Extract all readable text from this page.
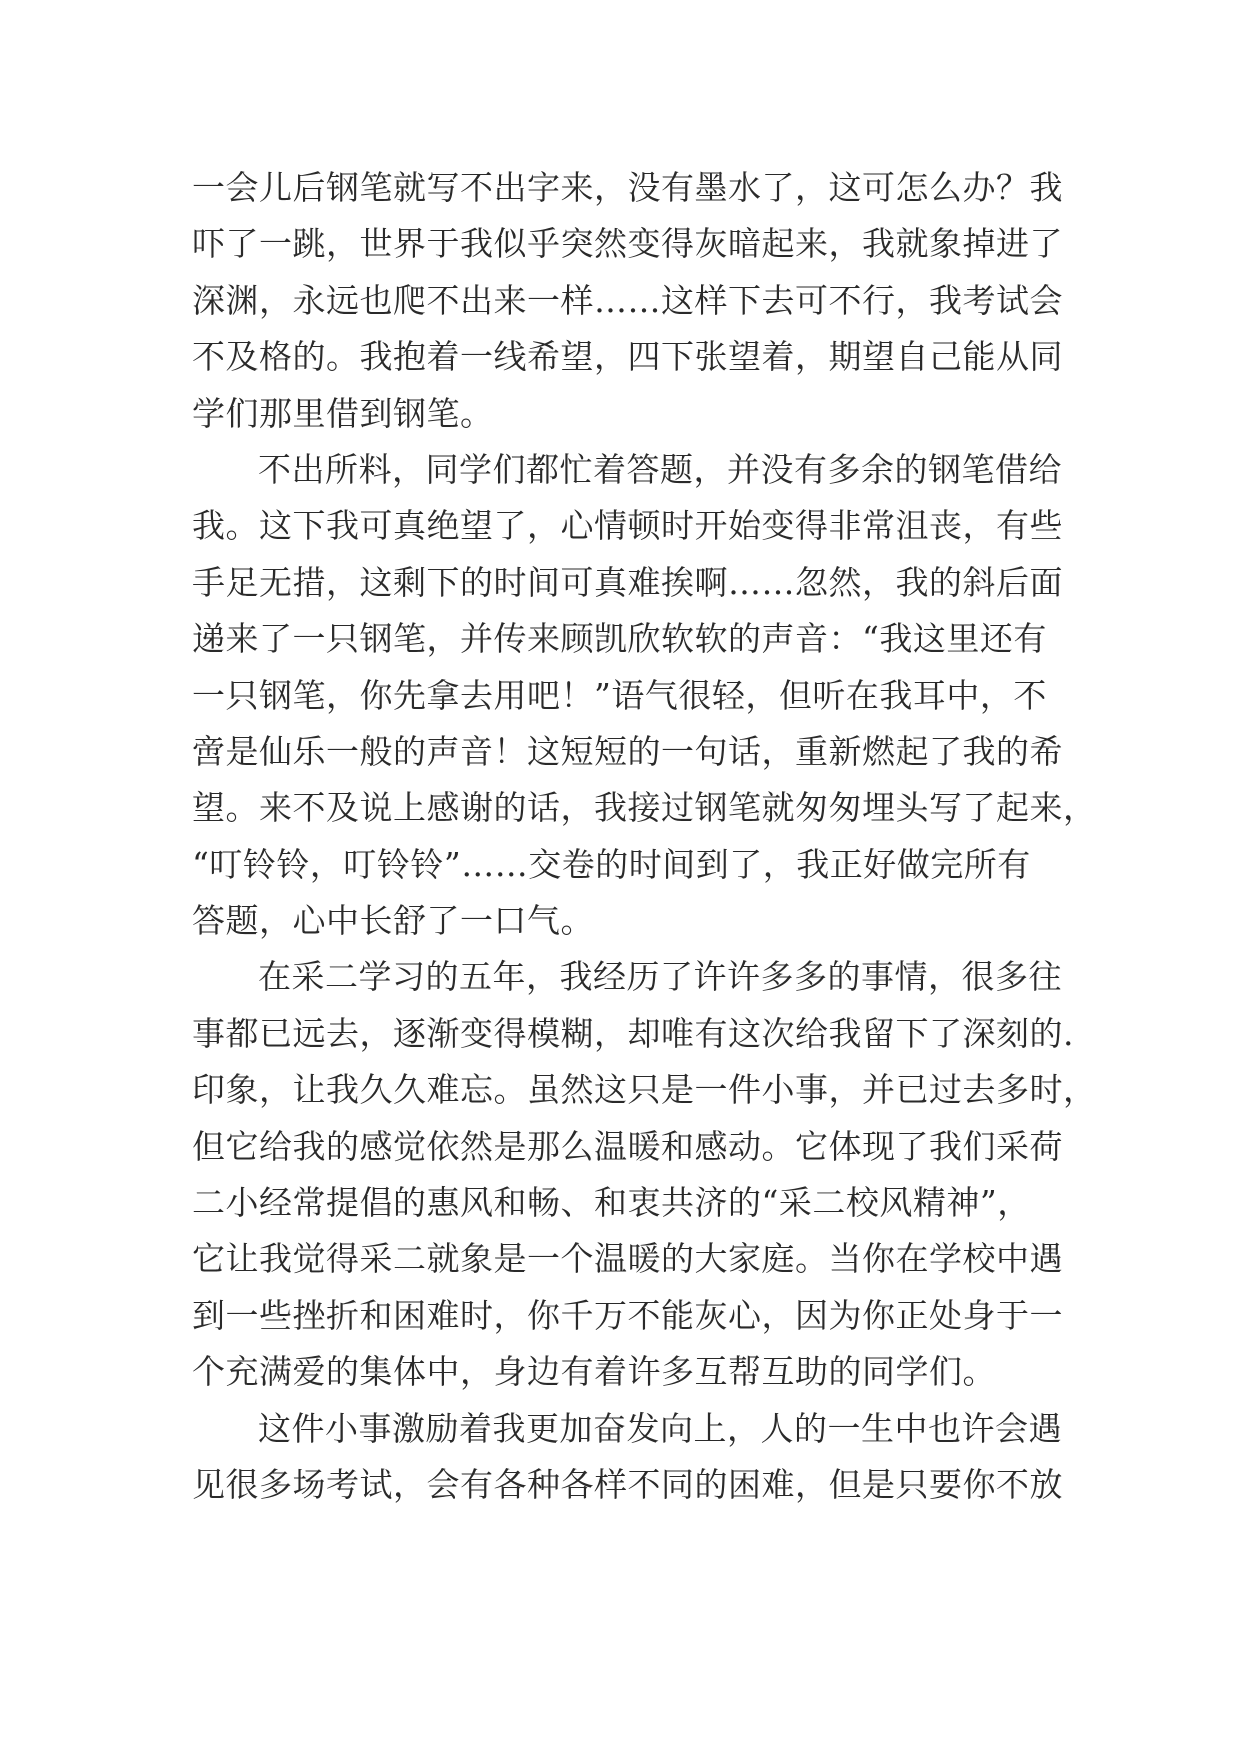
一会儿后钢笔就写不出字来，没有墨水了，这可怎么办？我
吓了一跳，世界于我似乎突然变得灰暗起来，我就象掉进了
深渊，永远也爬不出来一样……这样下去可不行，我考试会
不及格的。我抱着一线希望，四下张望着，期望自己能从同
学们那里借到钢笔。
不出所料，同学们都忙着答题，并没有多余的钢笔借给
我。这下我可真绝望了，心情顿时开始变得非常沮丧，有些
手足无措，这剩下的时间可真难挨啊……忽然，我的斜后面
递来了一只钢笔，并传来顾凯欣软软的声音：“我这里还有
一只钢笔，你先拿去用吧！”语气很轻，但听在我耳中，不
啻是仙乐一般的声音！这短短的一句话，重新燃起了我的希
望。来不及说上感谢的话，我接过钢笔就匆匆埋头写了起来，
“叮铃铃，叮铃铃”……交卷的时间到了，我正好做完所有
答题，心中长舒了一口气。
在采二学习的五年，我经历了许许多多的事情，很多往
事都已远去，逐渐变得模糊，却唯有这次给我留下了深刻的.
印象，让我久久难忘。虽然这只是一件小事，并已过去多时，
但它给我的感觉依然是那么温暖和感动。它体现了我们采荷
二小经常提倡的惠风和畅、和衷共济的“采二校风精神”，
它让我觉得采二就象是一个温暖的大家庭。当你在学校中遇
到一些挫折和困难时，你千万不能灰心，因为你正处身于一
个充满爱的集体中，身边有着许多互帮互助的同学们。
这件小事激励着我更加奋发向上，人的一生中也许会遇
见很多场考试，会有各种各样不同的困难，但是只要你不放
